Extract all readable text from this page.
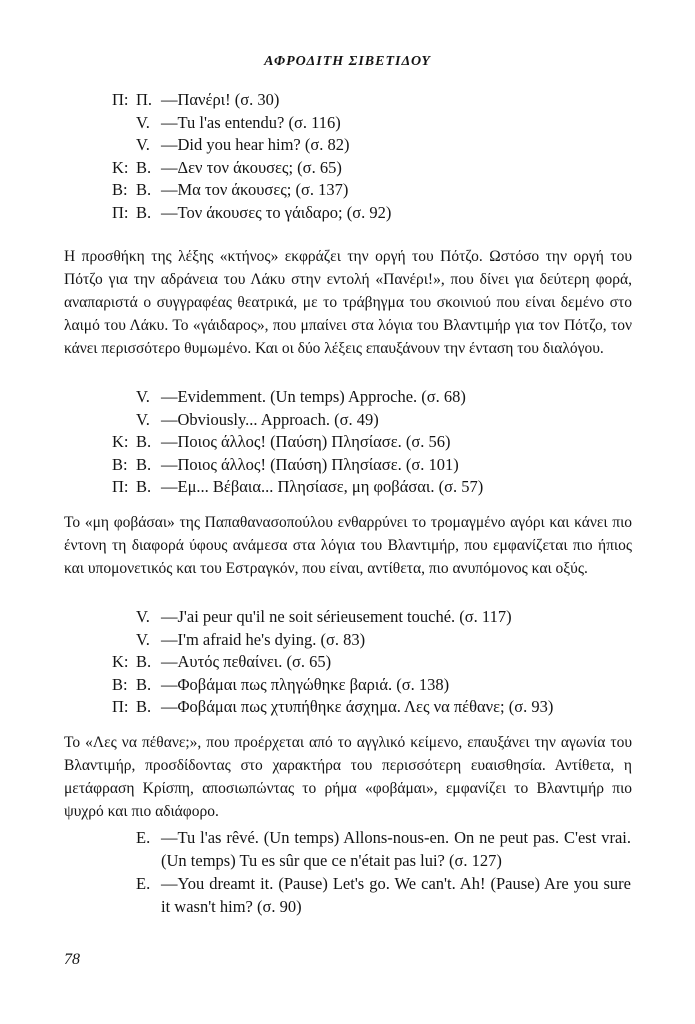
ΑΦΡΟΔΙΤΗ ΣΙΒΕΤΙΔΟΥ
Π: Π. —Πανέρι! (σ. 30)
V. —Tu l'as entendu? (σ. 116)
V. —Did you hear him? (σ. 82)
Κ: Β. —Δεν τον άκουσες; (σ. 65)
Β: Β. —Μα τον άκουσες; (σ. 137)
Π: Β. —Τον άκουσες το γάιδαρο; (σ. 92)
Η προσθήκη της λέξης «κτήνος» εκφράζει την οργή του Πότζο. Ωστόσο την οργή του Πότζο για την αδράνεια του Λάκυ στην εντολή «Πανέρι!», που δίνει για δεύτερη φορά, αναπαριστά ο συγγραφέας θεατρικά, με το τράβηγμα του σκοινιού που είναι δεμένο στο λαιμό του Λάκυ. Το «γάιδαρος», που μπαίνει στα λόγια του Βλαντιμήρ για τον Πότζο, τον κάνει περισσότερο θυμωμένο. Και οι δύο λέξεις επαυξάνουν την ένταση του διαλόγου.
V. —Evidemment. (Un temps) Approche. (σ. 68)
V. —Obviously... Approach. (σ. 49)
Κ: Β. —Ποιος άλλος! (Παύση) Πλησίασε. (σ. 56)
Β: Β. —Ποιος άλλος! (Παύση) Πλησίασε. (σ. 101)
Π: Β. —Εμ... Βέβαια... Πλησίασε, μη φοβάσαι. (σ. 57)
Το «μη φοβάσαι» της Παπαθανασοπούλου ενθαρρύνει το τρομαγμένο αγόρι και κάνει πιο έντονη τη διαφορά ύφους ανάμεσα στα λόγια του Βλαντιμήρ, που εμφανίζεται πιο ήπιος και υπομονετικός και του Εστραγκόν, που είναι, αντίθετα, πιο ανυπόμονος και οξύς.
V. —J'ai peur qu'il ne soit sérieusement touché. (σ. 117)
V. —I'm afraid he's dying. (σ. 83)
Κ: Β. —Αυτός πεθαίνει. (σ. 65)
Β: Β. —Φοβάμαι πως πληγώθηκε βαριά. (σ. 138)
Π: Β. —Φοβάμαι πως χτυπήθηκε άσχημα. Λες να πέθανε; (σ. 93)
Το «Λες να πέθανε;», που προέρχεται από το αγγλικό κείμενο, επαυξάνει την αγωνία του Βλαντιμήρ, προσδίδοντας στο χαρακτήρα του περισσότερη ευαισθησία. Αντίθετα, η μετάφραση Κρίσπη, αποσιωπώντας το ρήμα «φοβάμαι», εμφανίζει το Βλαντιμήρ πιο ψυχρό και πιο αδιάφορο.
Ε. —Tu l'as rêvé. (Un temps) Allons-nous-en. On ne peut pas. C'est vrai. (Un temps) Tu es sûr que ce n'était pas lui? (σ. 127)
Ε. —You dreamt it. (Pause) Let's go. We can't. Ah! (Pause) Are you sure it wasn't him? (σ. 90)
78
